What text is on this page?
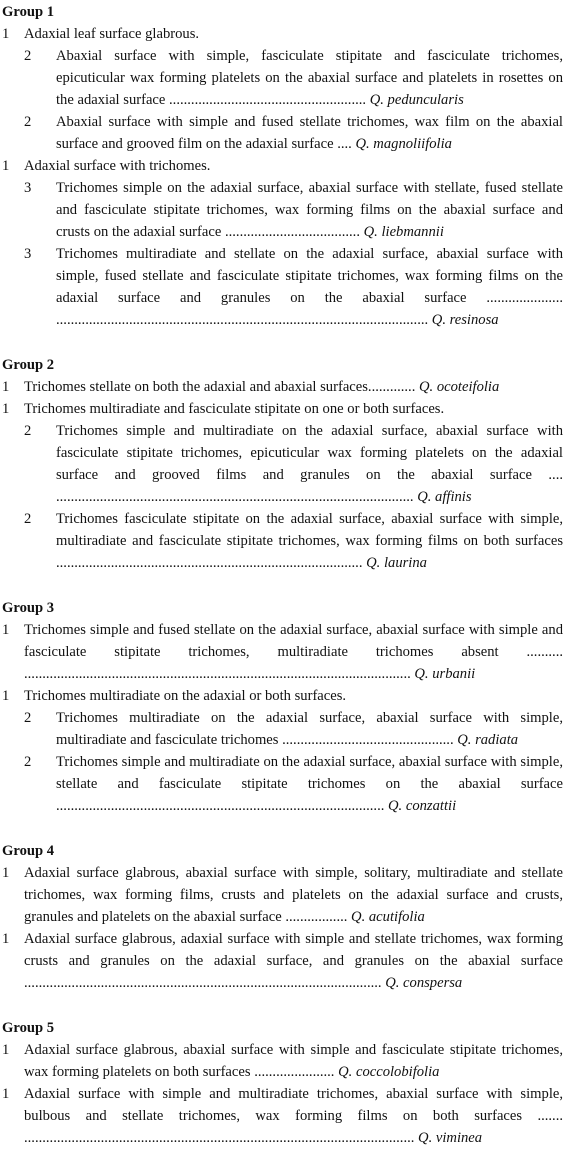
Group 1
1 Adaxial leaf surface glabrous.
2 Abaxial surface with simple, fasciculate stipitate and fasciculate trichomes, epicuticular wax forming platelets on the abaxial surface and platelets in rosettes on the adaxial surface ...................................................... Q. peduncularis
2 Abaxial surface with simple and fused stellate trichomes, wax film on the abaxial surface and grooved film on the adaxial surface .... Q. magnoliifolia
1 Adaxial surface with trichomes.
3 Trichomes simple on the adaxial surface, abaxial surface with stellate, fused stellate and fasciculate stipitate trichomes, wax forming films on the abaxial surface and crusts on the adaxial surface ..................................... Q. liebmannii
3 Trichomes multiradiate and stellate on the adaxial surface, abaxial surface with simple, fused stellate and fasciculate stipitate trichomes, wax forming films on the adaxial surface and granules on the abaxial surface ..................... ...................................................................................................... Q. resinosa
Group 2
1 Trichomes stellate on both the adaxial and abaxial surfaces............. Q. ocoteifolia
1 Trichomes multiradiate and fasciculate stipitate on one or both surfaces.
2 Trichomes simple and multiradiate on the adaxial surface, abaxial surface with fasciculate stipitate trichomes, epicuticular wax forming platelets on the adaxial surface and grooved films and granules on the abaxial surface .... .................................................................................................. Q. affinis
2 Trichomes fasciculate stipitate on the adaxial surface, abaxial surface with simple, multiradiate and fasciculate stipitate trichomes, wax forming films on both surfaces .................................................................................... Q. laurina
Group 3
1 Trichomes simple and fused stellate on the adaxial surface, abaxial surface with simple and fasciculate stipitate trichomes, multiradiate trichomes absent .......... .......................................................................................................... Q. urbanii
1 Trichomes multiradiate on the adaxial or both surfaces.
2 Trichomes multiradiate on the adaxial surface, abaxial surface with simple, multiradiate and fasciculate trichomes ............................................... Q. radiata
2 Trichomes simple and multiradiate on the adaxial surface, abaxial surface with simple, stellate and fasciculate stipitate trichomes on the abaxial surface .......................................................................................... Q. conzattii
Group 4
1 Adaxial surface glabrous, abaxial surface with simple, solitary, multiradiate and stellate trichomes, wax forming films, crusts and platelets on the adaxial surface and crusts, granules and platelets on the abaxial surface ................. Q. acutifolia
1 Adaxial surface glabrous, adaxial surface with simple and stellate trichomes, wax forming crusts and granules on the adaxial surface, and granules on the abaxial surface .................................................................................................. Q. conspersa
Group 5
1 Adaxial surface glabrous, abaxial surface with simple and fasciculate stipitate trichomes, wax forming platelets on both surfaces ...................... Q. coccolobifolia
1 Adaxial surface with simple and multiradiate trichomes, abaxial surface with simple, bulbous and stellate trichomes, wax forming films on both surfaces ....... ........................................................................................................... Q. viminea
